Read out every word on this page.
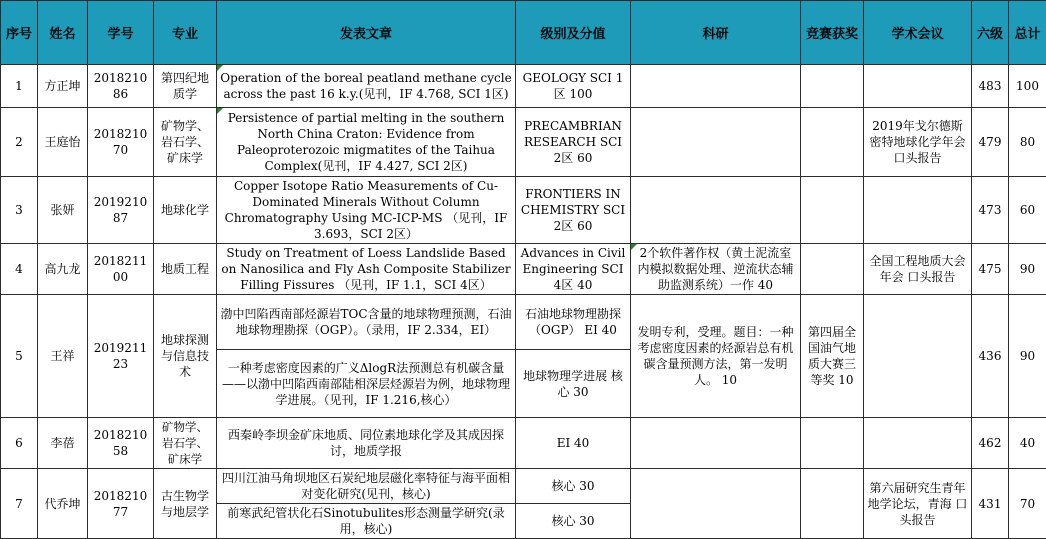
序号	姓名	学号	专业	发表文章	级别及分值	科研	竞赛获奖	学术会议	六级	总计
1	方正坤	201821086	第四纪地质学	Operation of the boreal peatland methane cycle across the past 16 k.y.(见刊，IF 4.768, SCI 1区)	GEOLOGY SCI 1区 100				483	100
2	王庭怡	201821070	矿物学、岩石学、矿床学	Persistence of partial melting in the southern North China Craton: Evidence from Paleoproterozoic migmatites of the Taihua Complex(见刊，IF 4.427, SCI 2区)	PRECAMBRIAN RESEARCH SCI 2区 60			2019年戈尔德斯密特地球化学年会 口头报告	479	80
3	张妍	201921087	地球化学	Copper Isotope Ratio Measurements of Cu-Dominated Minerals Without Column Chromatography Using MC-ICP-MS （见刊，IF 3.693，SCI 2区）	FRONTIERS IN CHEMISTRY SCI 2区 60				473	60
4	高九龙	201821100	地质工程	Study on Treatment of Loess Landslide Based on Nanosilica and Fly Ash Composite Stabilizer Filling Fissures （见刊，IF 1.1，SCI 4区）	Advances in Civil Engineering SCI 4区 40	2个软件著作权（黄土泥流室内模拟数据处理、逆流状态辅助监测系统）一作 40		全国工程地质大会年会 口头报告	475	90
5	王祥	201921123	地球探测与信息技术	渤中凹陷西南部烃源岩TOC含量的地球物理预测，石油地球物理勘探（OGP）。（录用，IF 2.334，EI）	石油地球物理勘探（OGP） EI 40	发明专利，受理。题目：一种考虑密度因素的烃源岩总有机碳含量预测方法，第一发明人。 10	第四届全国油气地质大赛三等奖 10		436	90
				一种考虑密度因素的广义ΔlogR法预测总有机碳含量——以渤中凹陷西南部陆相深层烃源岩为例，地球物理学进展。（见刊，IF 1.216,核心）	地球物理学进展 核心 30					
6	李蓓	201821058	矿物学、岩石学、矿床学	西秦岭李坝金矿床地质、同位素地球化学及其成因探讨，地质学报	EI 40				462	40
7	代乔坤	201821077	古生物学与地层学	四川江油马角坝地区石炭纪地层磁化率特征与海平面相对变化研究(见刊，核心)	核心 30			第六届研究生青年地学论坛，青海 口头报告	431	70
				前寒武纪管状化石Sinotubulites形态测量学研究(录用，核心)	核心 30					
